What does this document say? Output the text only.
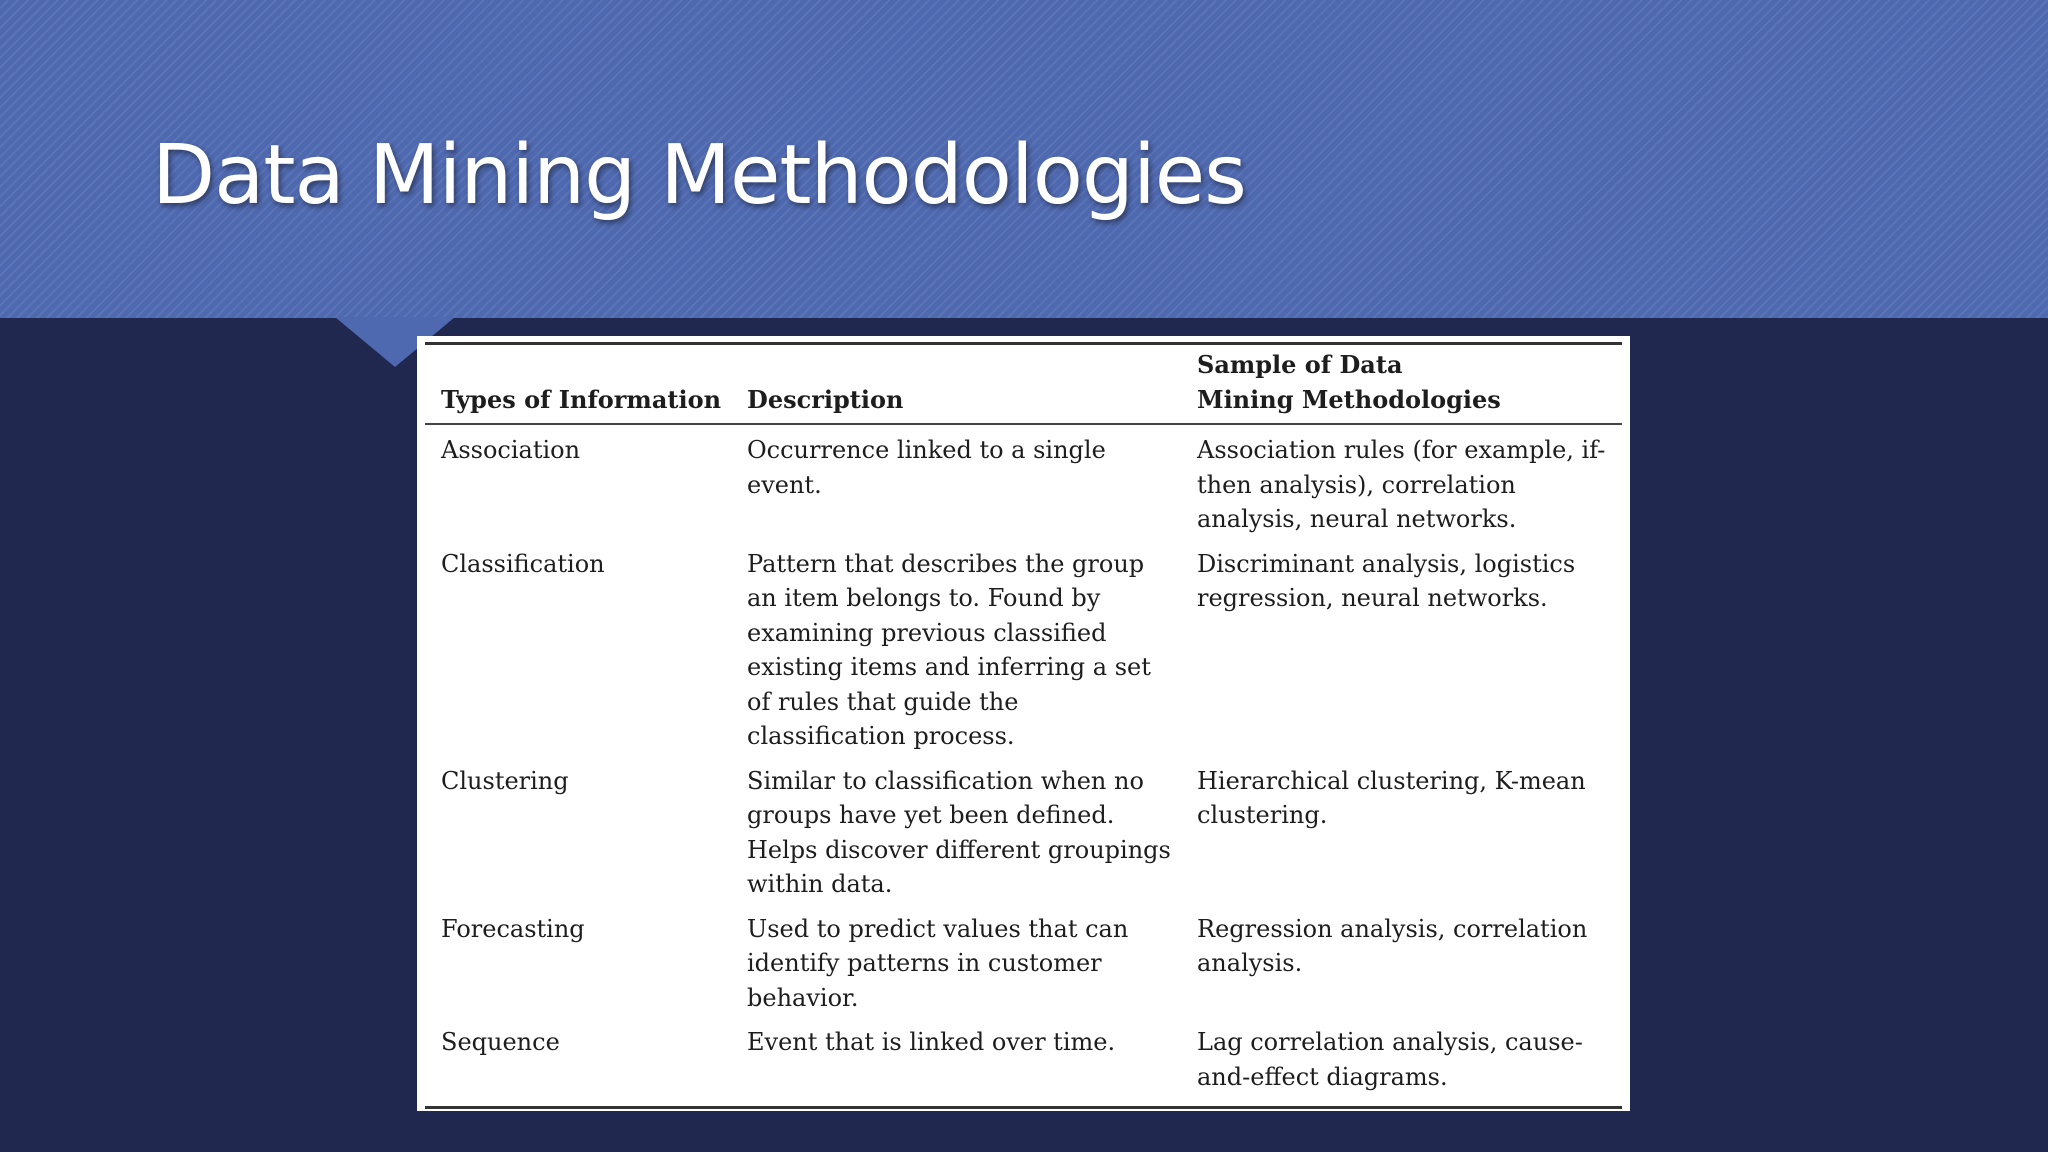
Data Mining Methodologies
Types of Information	Description	Sample of Data Mining Methodologies
Association	Occurrence linked to a single event.	Association rules (for example, if-then analysis), correlation analysis, neural networks.
Classification	Pattern that describes the group an item belongs to. Found by examining previous classified existing items and inferring a set of rules that guide the classification process.	Discriminant analysis, logistics regression, neural networks.
Clustering	Similar to classification when no groups have yet been defined. Helps discover different groupings within data.	Hierarchical clustering, K-mean clustering.
Forecasting	Used to predict values that can identify patterns in customer behavior.	Regression analysis, correlation analysis.
Sequence	Event that is linked over time.	Lag correlation analysis, cause-and-effect diagrams.
